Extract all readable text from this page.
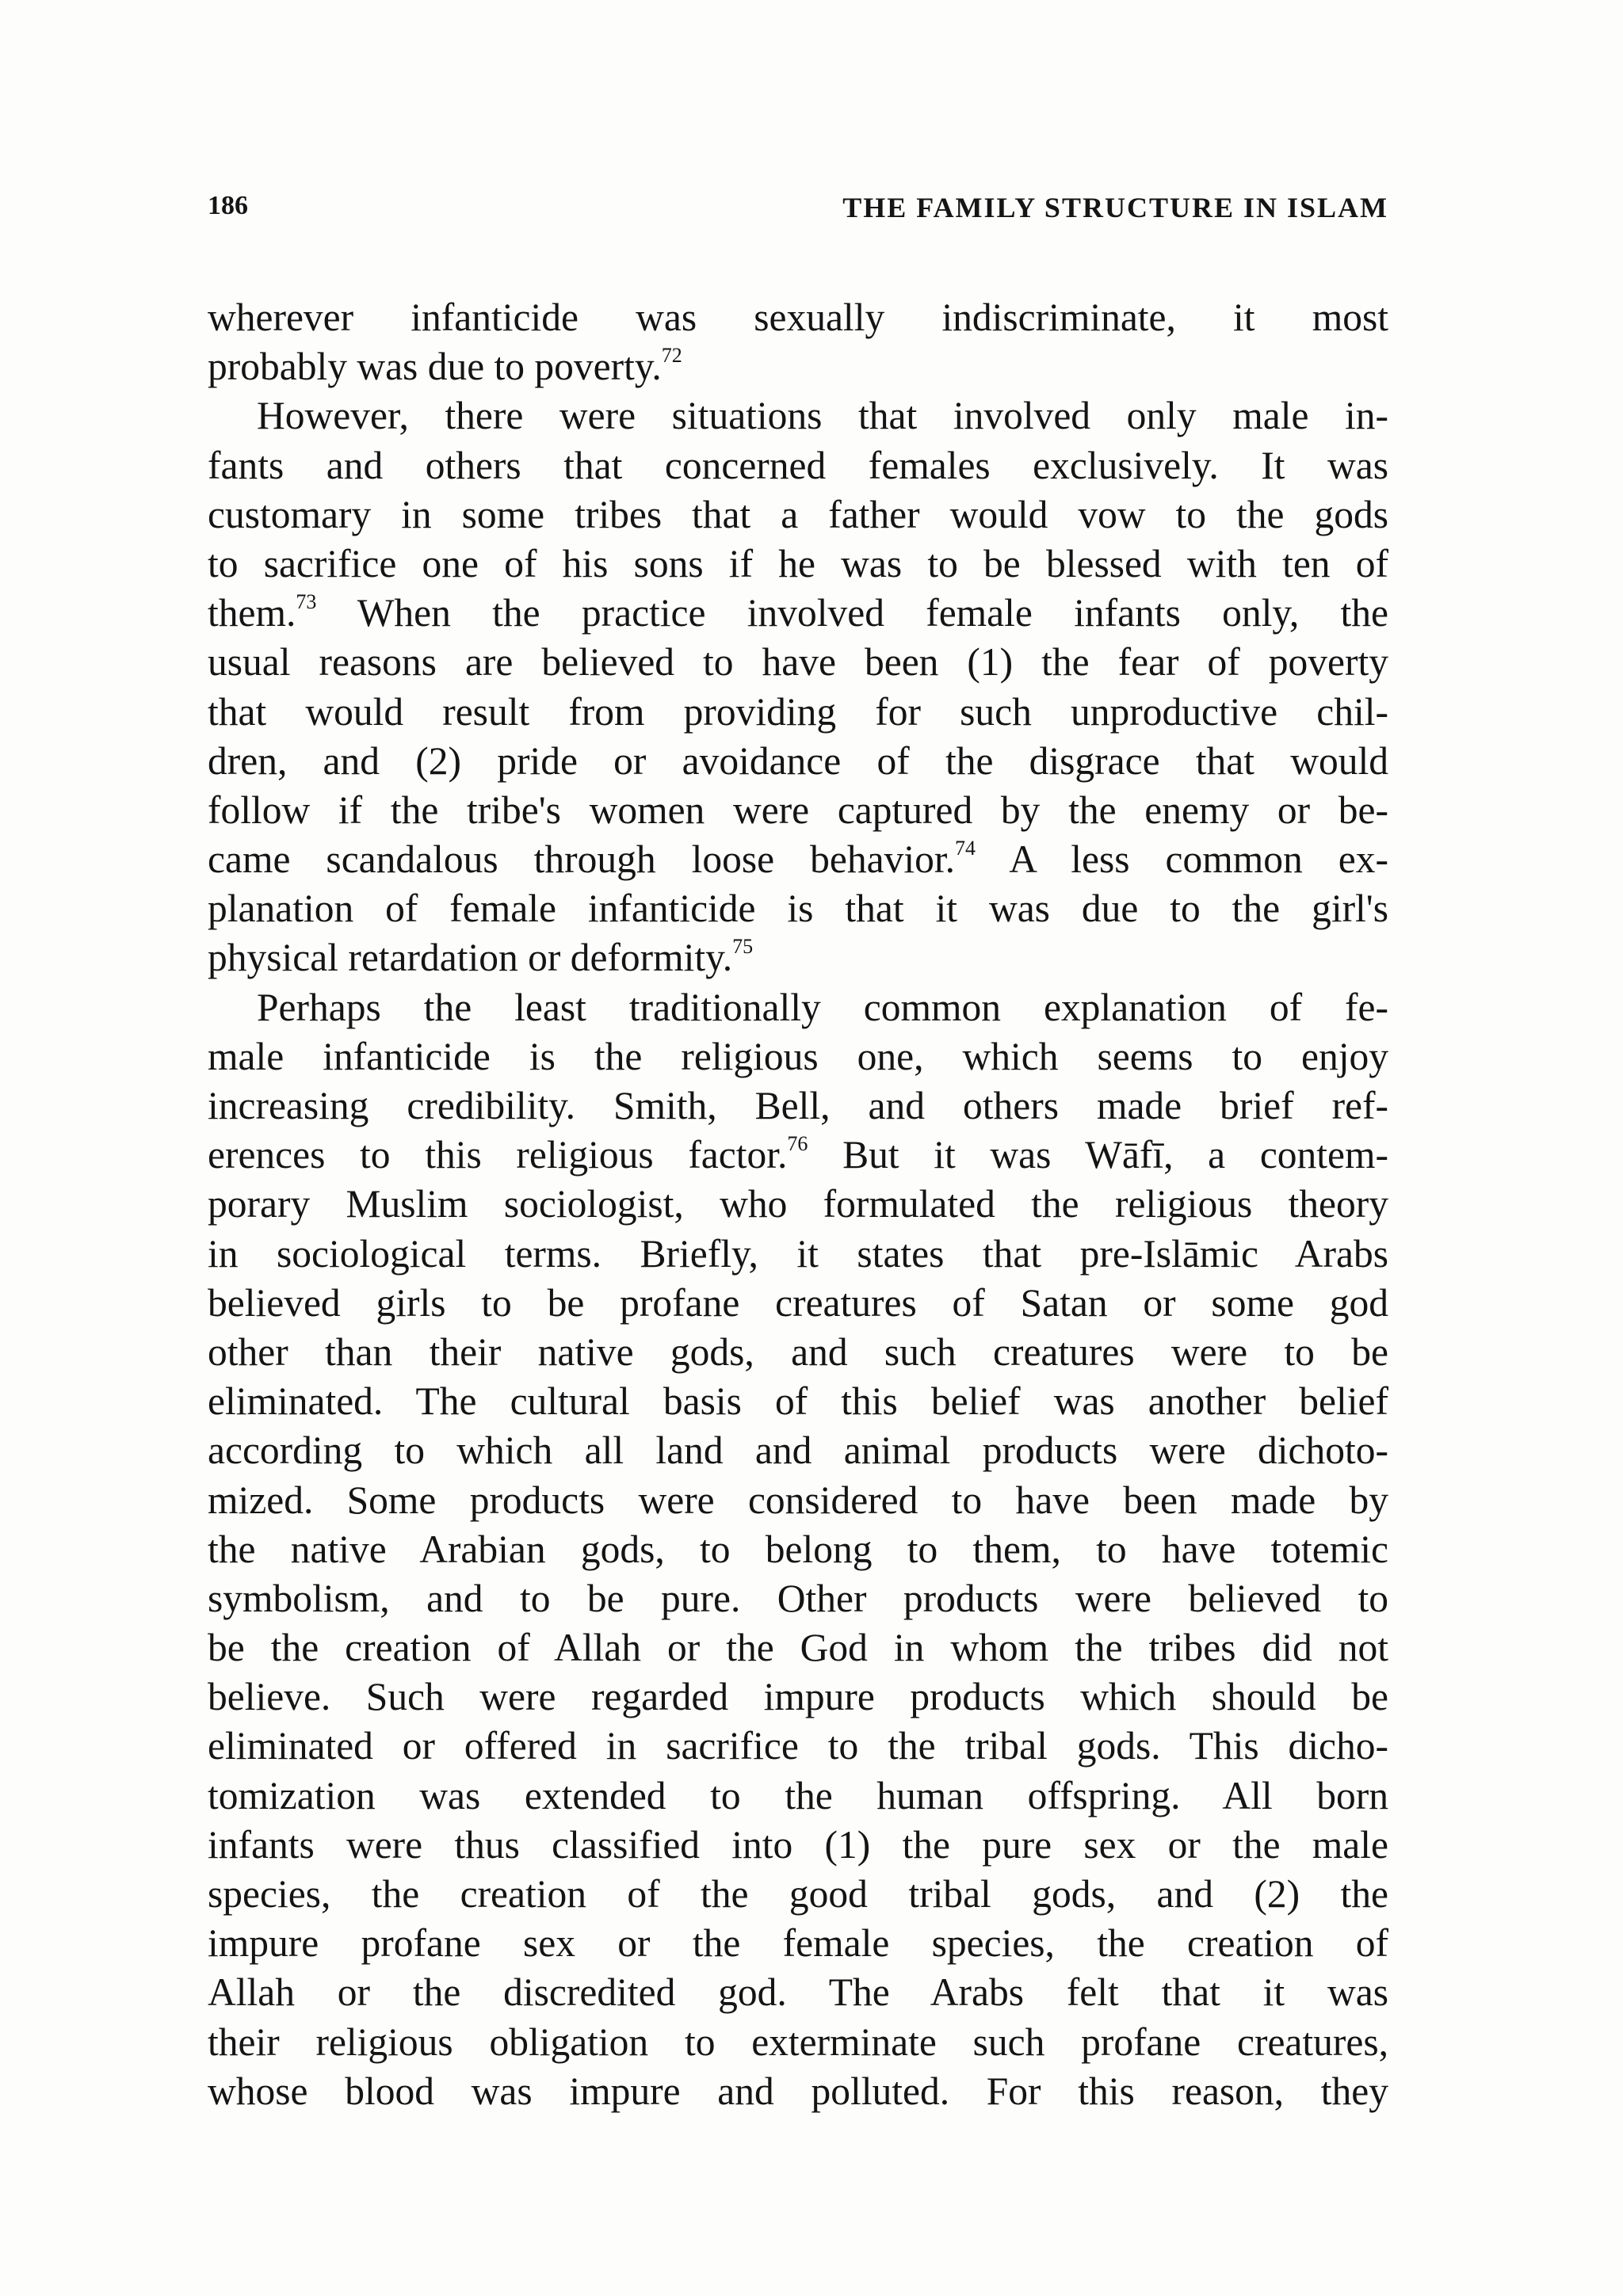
186	THE FAMILY STRUCTURE IN ISLAM
wherever infanticide was sexually indiscriminate, it most
probably was due to poverty.$^{72}$
However, there were situations that involved only male in-
fants and others that concerned females exclusively. It was
customary in some tribes that a father would vow to the gods
to sacrifice one of his sons if he was to be blessed with ten of
them.$^{73}$ When the practice involved female infants only, the
usual reasons are believed to have been (1) the fear of poverty
that would result from providing for such unproductive chil-
dren, and (2) pride or avoidance of the disgrace that would
follow if the tribe's women were captured by the enemy or be-
came scandalous through loose behavior.$^{74}$ A less common ex-
planation of female infanticide is that it was due to the girl's
physical retardation or deformity.$^{75}$
Perhaps the least traditionally common explanation of fe-
male infanticide is the religious one, which seems to enjoy
increasing credibility. Smith, Bell, and others made brief ref-
erences to this religious factor.$^{76}$ But it was Wāfī, a contem-
porary Muslim sociologist, who formulated the religious theory
in sociological terms. Briefly, it states that pre-Islāmic Arabs
believed girls to be profane creatures of Satan or some god
other than their native gods, and such creatures were to be
eliminated. The cultural basis of this belief was another belief
according to which all land and animal products were dichoto-
mized. Some products were considered to have been made by
the native Arabian gods, to belong to them, to have totemic
symbolism, and to be pure. Other products were believed to
be the creation of Allah or the God in whom the tribes did not
believe. Such were regarded impure products which should be
eliminated or offered in sacrifice to the tribal gods. This dicho-
tomization was extended to the human offspring. All born
infants were thus classified into (1) the pure sex or the male
species, the creation of the good tribal gods, and (2) the
impure profane sex or the female species, the creation of
Allah or the discredited god. The Arabs felt that it was
their religious obligation to exterminate such profane creatures,
whose blood was impure and polluted. For this reason, they
